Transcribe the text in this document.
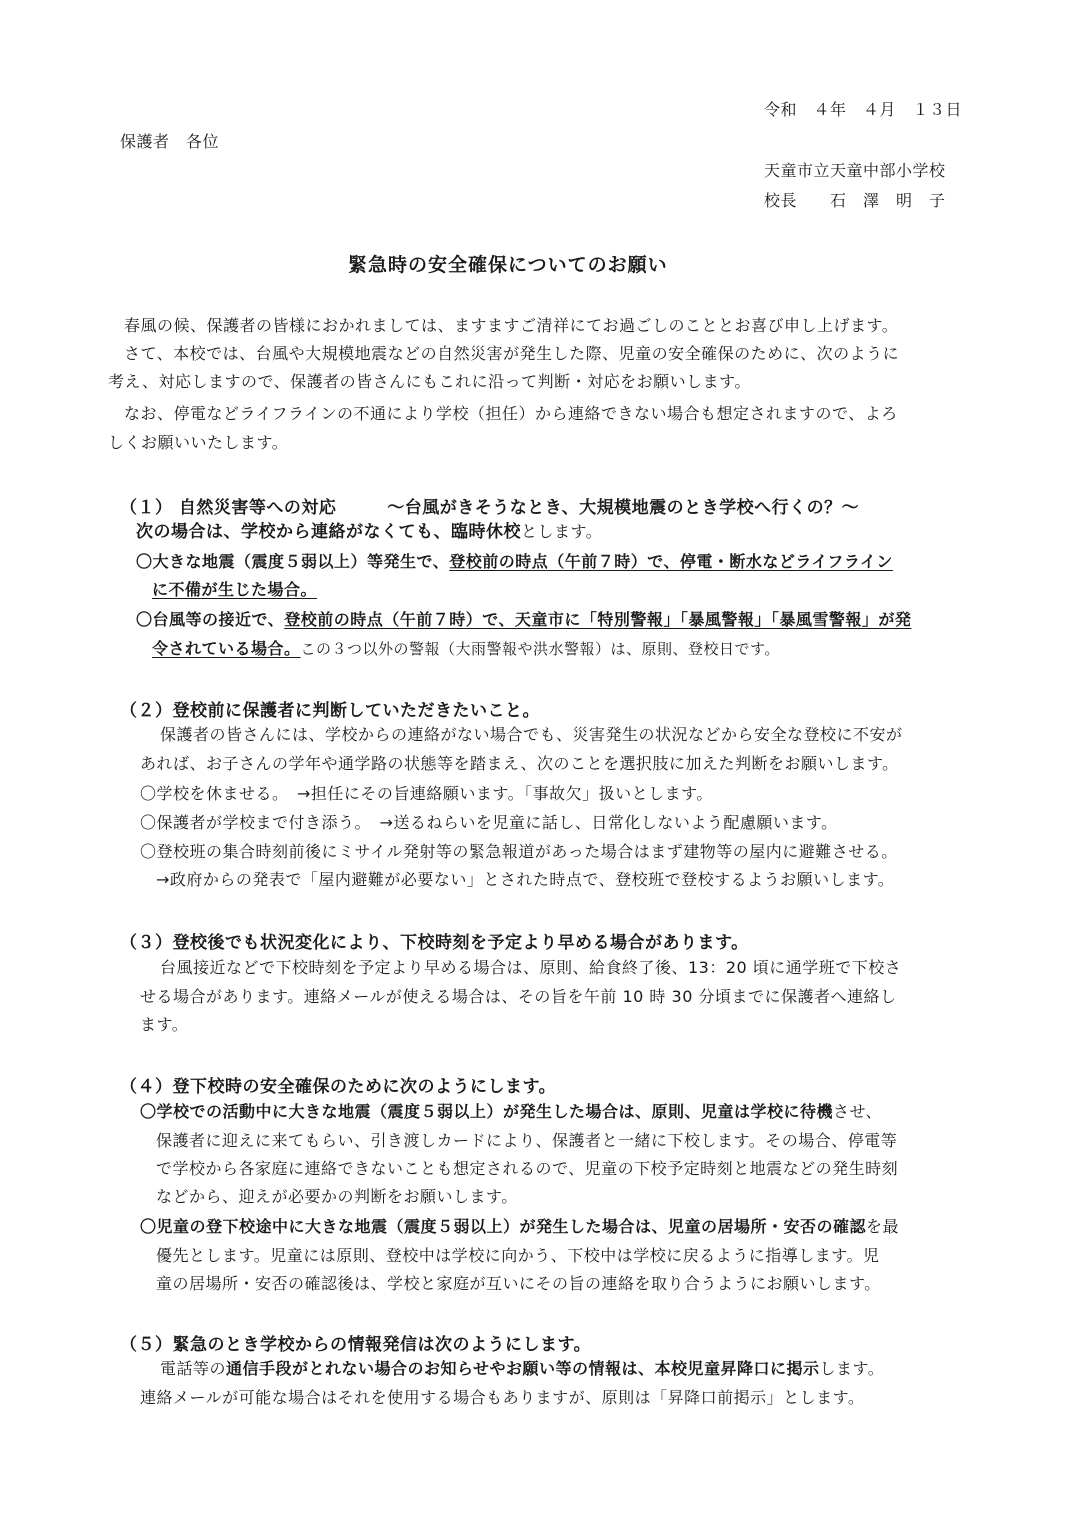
令和　４年　４月　１３日
保護者　各位
天童市立天童中部小学校
校長　　石　澤　明　子
緊急時の安全確保についてのお願い
春風の候、保護者の皆様におかれましては、ますますご清祥にてお過ごしのこととお喜び申し上げます。
さて、本校では、台風や大規模地震などの自然災害が発生した際、児童の安全確保のために、次のように
考え、対応しますので、保護者の皆さんにもこれに沿って判断・対応をお願いします。
なお、停電などライフラインの不通により学校（担任）から連絡できない場合も想定されますので、よろ
しくお願いいたします。
（１） 自然災害等への対応	～台風がきそうなとき、大規模地震のとき学校へ行くの？～
次の場合は、学校から連絡がなくても、臨時休校とします。
〇大きな地震（震度５弱以上）等発生で、登校前の時点（午前７時）で、停電・断水などライフライン
に不備が生じた場合。
〇台風等の接近で、登校前の時点（午前７時）で、天童市に「特別警報」「暴風警報」「暴風雪警報」が発
令されている場合。この３つ以外の警報（大雨警報や洪水警報）は、原則、登校日です。
（２）登校前に保護者に判断していただきたいこと。
保護者の皆さんには、学校からの連絡がない場合でも、災害発生の状況などから安全な登校に不安が
あれば、お子さんの学年や通学路の状態等を踏まえ、次のことを選択肢に加えた判断をお願いします。
〇学校を休ませる。　→担任にその旨連絡願います。「事故欠」扱いとします。
〇保護者が学校まで付き添う。　→送るねらいを児童に話し、日常化しないよう配慮願います。
〇登校班の集合時刻前後にミサイル発射等の緊急報道があった場合はまず建物等の屋内に避難させる。
→政府からの発表で「屋内避難が必要ない」とされた時点で、登校班で登校するようお願いします。
（３）登校後でも状況変化により、下校時刻を予定より早める場合があります。
台風接近などで下校時刻を予定より早める場合は、原則、給食終了後、13：20 頃に通学班で下校さ
せる場合があります。連絡メールが使える場合は、その旨を午前 10 時 30 分頃までに保護者へ連絡し
ます。
（４）登下校時の安全確保のために次のようにします。
〇学校での活動中に大きな地震（震度５弱以上）が発生した場合は、原則、児童は学校に待機させ、
保護者に迎えに来てもらい、引き渡しカードにより、保護者と一緒に下校します。その場合、停電等
で学校から各家庭に連絡できないことも想定されるので、児童の下校予定時刻と地震などの発生時刻
などから、迎えが必要かの判断をお願いします。
〇児童の登下校途中に大きな地震（震度５弱以上）が発生した場合は、児童の居場所・安否の確認を最
優先とします。児童には原則、登校中は学校に向かう、下校中は学校に戻るように指導します。児
童の居場所・安否の確認後は、学校と家庭が互いにその旨の連絡を取り合うようにお願いします。
（５）緊急のとき学校からの情報発信は次のようにします。
電話等の通信手段がとれない場合のお知らせやお願い等の情報は、本校児童昇降口に掲示します。
連絡メールが可能な場合はそれを使用する場合もありますが、原則は「昇降口前掲示」とします。
